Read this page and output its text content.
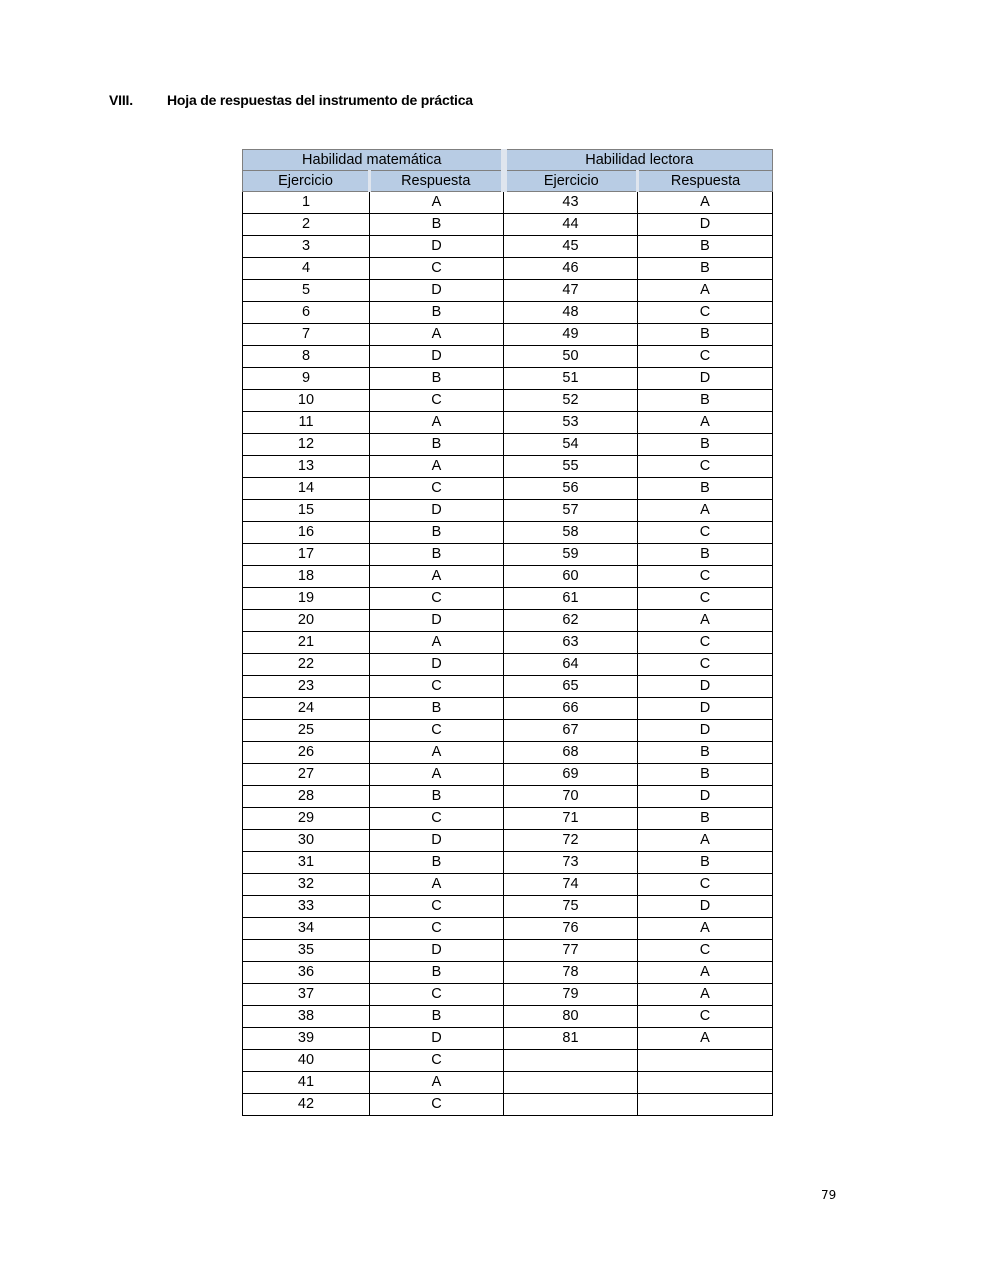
VIII. Hoja de respuestas del instrumento de práctica
Habilidad matemática		Habilidad lectora	
Ejercicio	Respuesta	Ejercicio	Respuesta
1	A	43	A
2	B	44	D
3	D	45	B
4	C	46	B
5	D	47	A
6	B	48	C
7	A	49	B
8	D	50	C
9	B	51	D
10	C	52	B
11	A	53	A
12	B	54	B
13	A	55	C
14	C	56	B
15	D	57	A
16	B	58	C
17	B	59	B
18	A	60	C
19	C	61	C
20	D	62	A
21	A	63	C
22	D	64	C
23	C	65	D
24	B	66	D
25	C	67	D
26	A	68	B
27	A	69	B
28	B	70	D
29	C	71	B
30	D	72	A
31	B	73	B
32	A	74	C
33	C	75	D
34	C	76	A
35	D	77	C
36	B	78	A
37	C	79	A
38	B	80	C
39	D	81	A
40	C		
41	A		
42	C		
79
